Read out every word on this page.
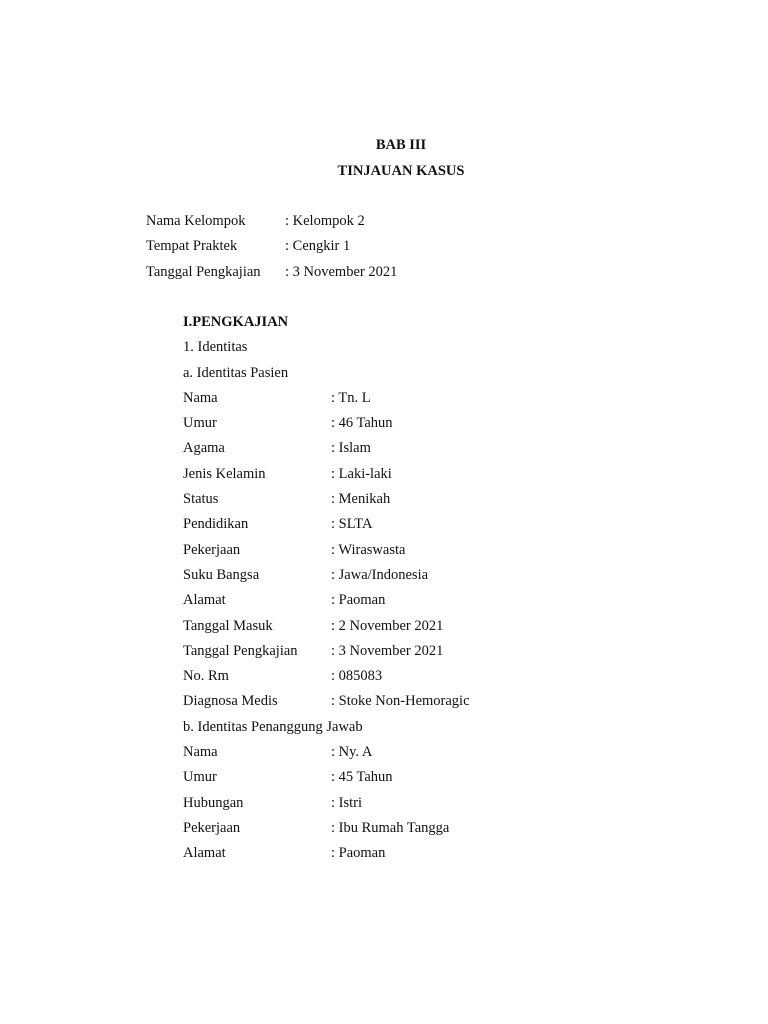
BAB III
TINJAUAN KASUS
Nama Kelompok	: Kelompok 2
Tempat Praktek	: Cengkir 1
Tanggal Pengkajian : 3 November 2021
I.PENGKAJIAN
1. Identitas
a. Identitas Pasien
Nama	: Tn. L
Umur	: 46 Tahun
Agama	: Islam
Jenis Kelamin	: Laki-laki
Status	: Menikah
Pendidikan	: SLTA
Pekerjaan	: Wiraswasta
Suku Bangsa	: Jawa/Indonesia
Alamat	: Paoman
Tanggal Masuk	: 2 November 2021
Tanggal Pengkajian : 3 November 2021
No. Rm	: 085083
Diagnosa Medis	: Stoke Non-Hemoragic
b. Identitas Penanggung Jawab
Nama	: Ny. A
Umur	: 45 Tahun
Hubungan	: Istri
Pekerjaan	: Ibu Rumah Tangga
Alamat	: Paoman
